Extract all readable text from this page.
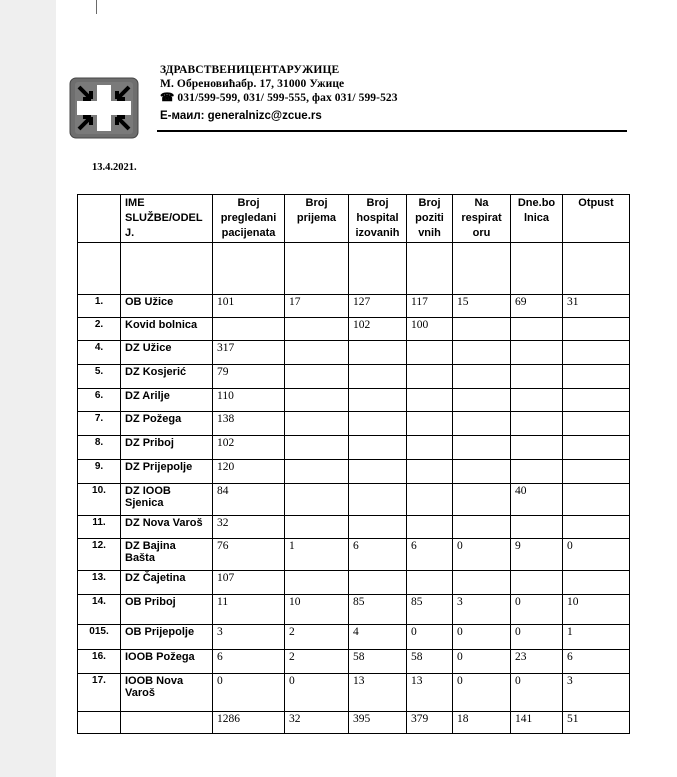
ЗДРАВСТВЕНИЦЕНТАРУЖИЦЕ
М. Обреновићабр. 17, 31000 Ужице
☎ 031/599-599, 031/ 599-555, фах 031/ 599-523
E-маил: generalnizc@zcue.rs
13.4.2021.
	IME
SLUŽBE/ODEL
J.	Broj
pregledani
pacijenata	Broj
prijema	Broj
hospital
izovanih	Broj
poziti
vnih	Na
respirat
oru	Dne.bo
lnica	Otpust

1.	OB Užice	101	17	127	117	15	69	31
2.	Kovid bolnica			102	100			
4.	DZ Užice	317						
5.	DZ Kosjerić	79						
6.	DZ Arilje	110						
7.	DZ Požega	138						
8.	DZ Priboj	102						
9.	DZ Prijepolje	120						
10.	DZ IOOB
Sjenica	84					40	
11.	DZ Nova Varoš	32						
12.	DZ Bajina
Bašta	76	1	6	6	0	9	0
13.	DZ Čajetina	107						
14.	OB Priboj	11	10	85	85	3	0	10
015.	OB Prijepolje	3	2	4	0	0	0	1
16.	IOOB Požega	6	2	58	58	0	23	6
17.	IOOB Nova
Varoš	0	0	13	13	0	0	3
		1286	32	395	379	18	141	51
